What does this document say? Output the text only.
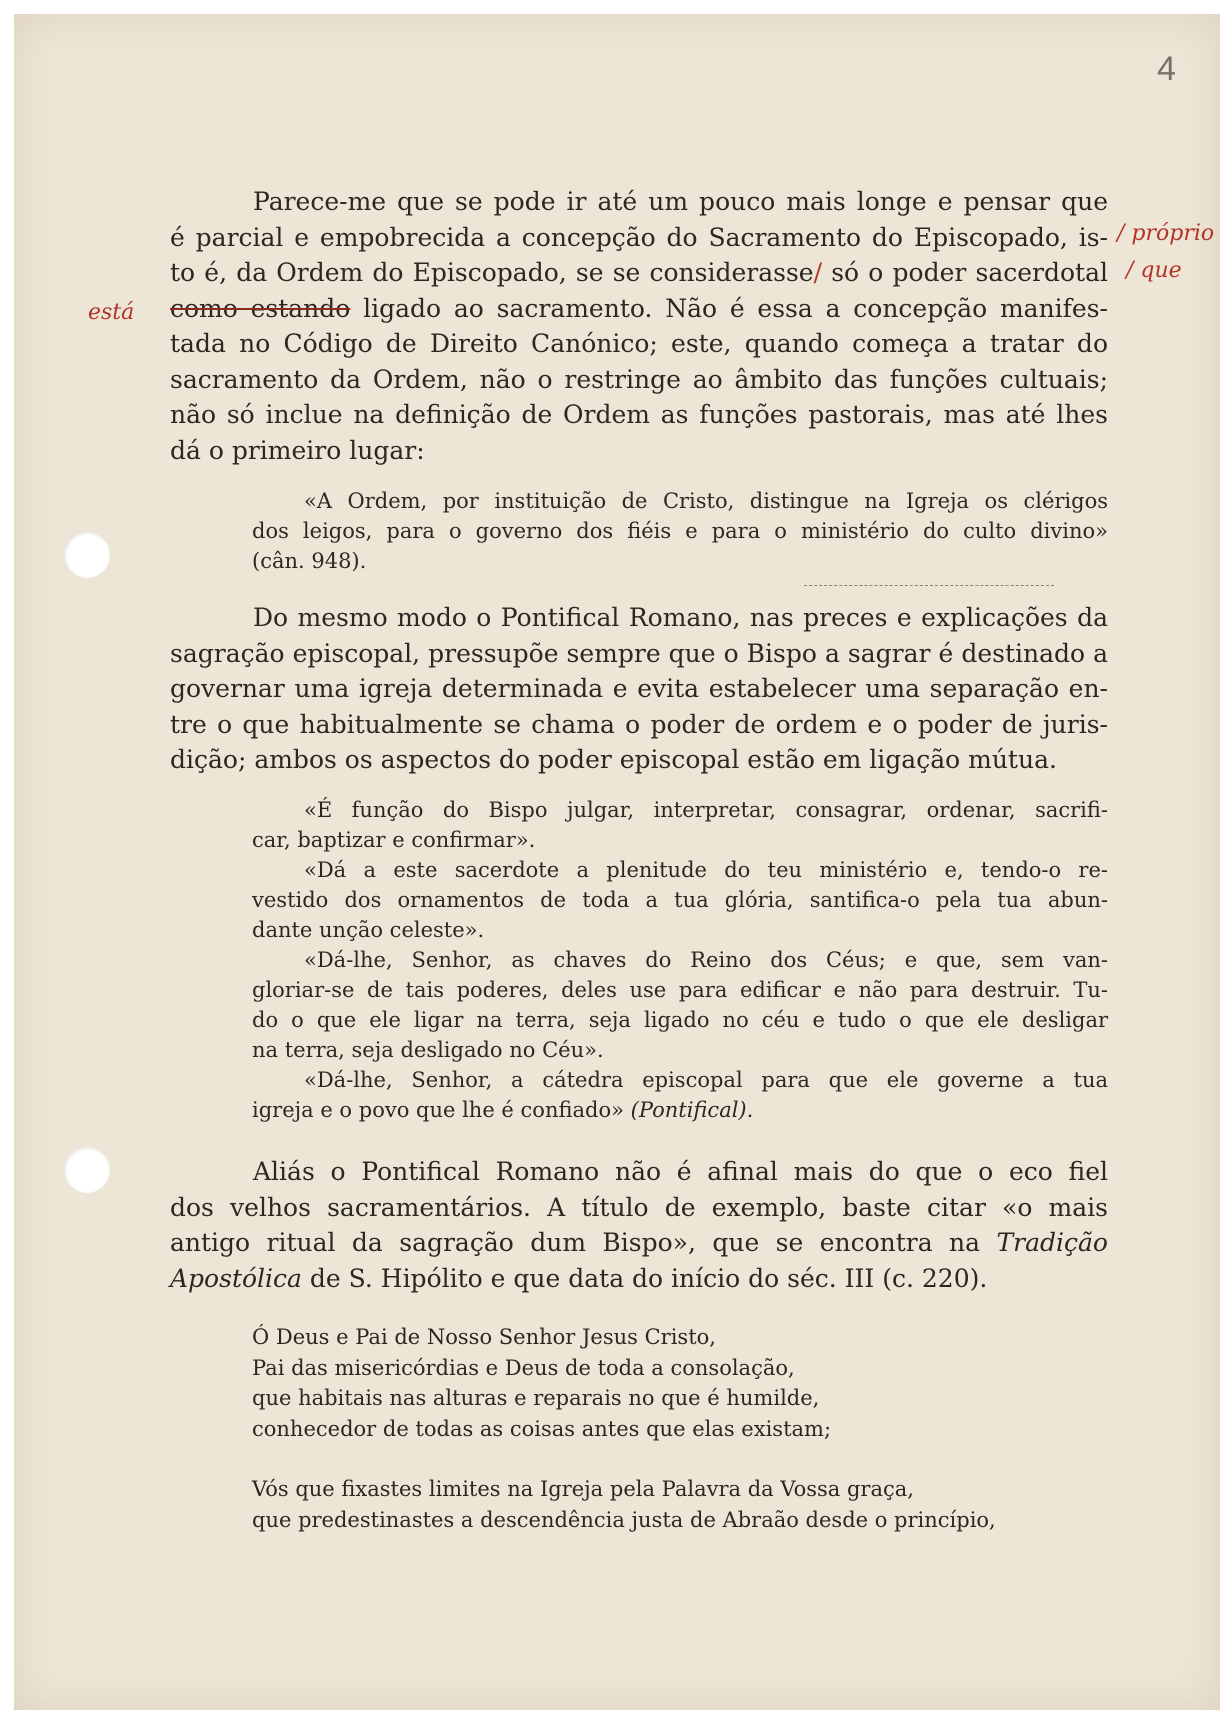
4
está
/ próprio
/ que
Parece-me que se pode ir até um pouco mais longe e pensar que
é parcial e empobrecida a concepção do Sacramento do Episcopado, is-
to é, da Ordem do Episcopado, se se considerasse/ só o poder sacerdotal
como estando ligado ao sacramento. Não é essa a concepção manifes-
tada no Código de Direito Canónico; este, quando começa a tratar do
sacramento da Ordem, não o restringe ao âmbito das funções cultuais;
não só inclue na definição de Ordem as funções pastorais, mas até lhes
dá o primeiro lugar:
«A Ordem, por instituição de Cristo, distingue na Igreja os clérigos
dos leigos, para o governo dos fiéis e para o ministério do culto divino»
(cân. 948).
Do mesmo modo o Pontifical Romano, nas preces e explicações da
sagração episcopal, pressupõe sempre que o Bispo a sagrar é destinado a
governar uma igreja determinada e evita estabelecer uma separação en-
tre o que habitualmente se chama o poder de ordem e o poder de juris-
dição; ambos os aspectos do poder episcopal estão em ligação mútua.
«É função do Bispo julgar, interpretar, consagrar, ordenar, sacrifi-
car, baptizar e confirmar».
«Dá a este sacerdote a plenitude do teu ministério e, tendo-o re-
vestido dos ornamentos de toda a tua glória, santifica-o pela tua abun-
dante unção celeste».
«Dá-lhe, Senhor, as chaves do Reino dos Céus; e que, sem van-
gloriar-se de tais poderes, deles use para edificar e não para destruir. Tu-
do o que ele ligar na terra, seja ligado no céu e tudo o que ele desligar
na terra, seja desligado no Céu».
«Dá-lhe, Senhor, a cátedra episcopal para que ele governe a tua
igreja e o povo que lhe é confiado» (Pontifical).
Aliás o Pontifical Romano não é afinal mais do que o eco fiel
dos velhos sacramentários. A título de exemplo, baste citar «o mais
antigo ritual da sagração dum Bispo», que se encontra na Tradição
Apostólica de S. Hipólito e que data do início do séc. III (c. 220).
Ó Deus e Pai de Nosso Senhor Jesus Cristo,
Pai das misericórdias e Deus de toda a consolação,
que habitais nas alturas e reparais no que é humilde,
conhecedor de todas as coisas antes que elas existam;
Vós que fixastes limites na Igreja pela Palavra da Vossa graça,
que predestinastes a descendência justa de Abraão desde o princípio,
